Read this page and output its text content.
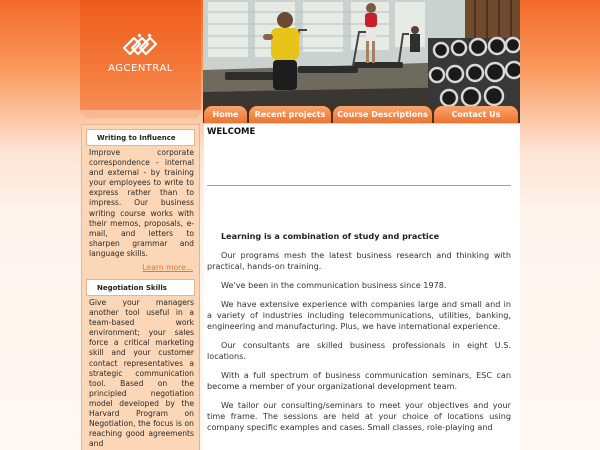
AGCENTRAL
Home	Recent projects	Course Descriptions	Contact Us
Writing to Influence
Improve corporate correspondence - internal and external - by training your employees to write to express rather than to impress. Our business writing course works with their memos, proposals, e-mail, and letters to sharpen grammar and language skills.
Learn more...
Negotiation Skills
Give your managers another tool useful in a team-based work environment; your sales force a critical marketing skill and your customer contact representatives a strategic communication tool. Based on the principled negotiation model developed by the Harvard Program on Negotiation, the focus is on reaching good agreements and
WELCOME

Learning is a combination of study and practice

Our programs mesh the latest business research and thinking with practical, hands-on training.

We've been in the communication business since 1978.

We have extensive experience with companies large and small and in a variety of industries including telecommunications, utilities, banking, engineering and manufacturing. Plus, we have international experience.

Our consultants are skilled business professionals in eight U.S. locations.

With a full spectrum of business communication seminars, ESC can become a member of your organizational development team.

We tailor our consulting/seminars to meet your objectives and your time frame. The sessions are held at your choice of locations using company specific examples and cases. Small classes, role-playing and
